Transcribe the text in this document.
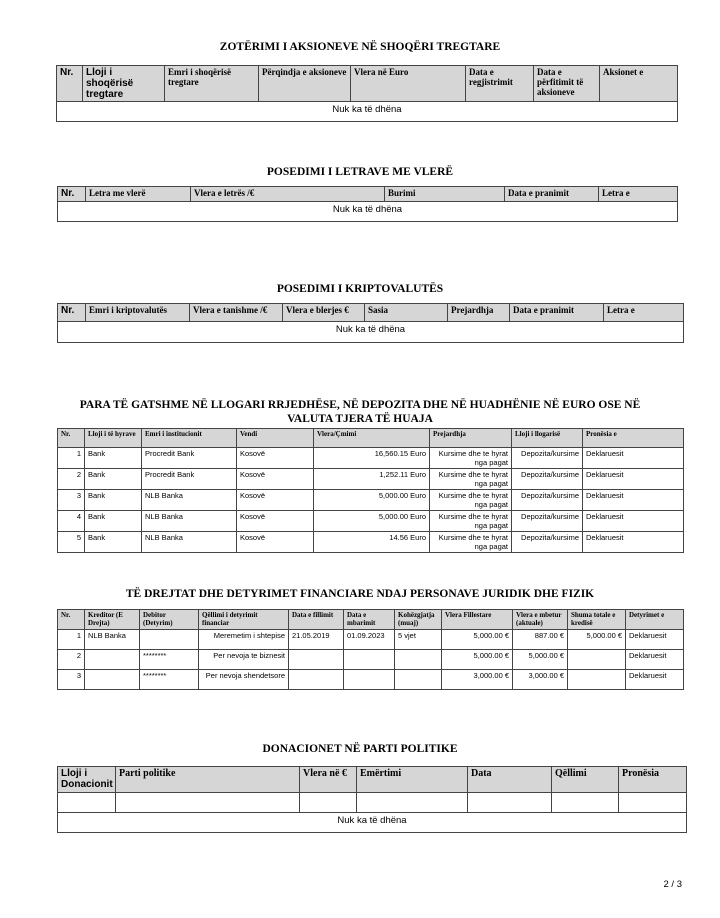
ZOTËRIMI I AKSIONEVE NË SHOQËRI TREGTARE
Nr.	Lloji i shoqërisë tregtare	Emri i shoqërisë tregtare	Përqindja e aksioneve	Vlera në Euro	Data e regjistrimit	Data e përfitimit të aksioneve	Aksionet e
Nuk ka të dhëna
POSEDIMI I LETRAVE ME VLERË
Nr.	Letra me vlerë	Vlera e letrës /€	Burimi	Data e pranimit	Letra e
Nuk ka të dhëna
POSEDIMI I KRIPTOVALUTËS
Nr.	Emri i kriptovalutës	Vlera e tanishme /€	Vlera e blerjes €	Sasia	Prejardhja	Data e pranimit	Letra e
Nuk ka të dhëna
PARA TË GATSHME NË LLOGARI RRJEDHËSE, NË DEPOZITA DHE NË HUADHËNIE NË EURO OSE NË
VALUTA TJERA TË HUAJA
Nr.	Lloji i të hyrave	Emri i institucionit	Vendi	Vlera/Çmimi	Prejardhja	Lloji i llogarisë	Pronësia e
1	Bank	Procredit Bank	Kosovë	16,560.15 Euro	Kursime dhe te hyrat nga pagat	Depozita/kursime	Deklaruesit
2	Bank	Procredit Bank	Kosovë	1,252.11 Euro	Kursime dhe te hyrat nga pagat	Depozita/kursime	Deklaruesit
3	Bank	NLB Banka	Kosovë	5,000.00 Euro	Kursime dhe te hyrat nga pagat	Depozita/kursime	Deklaruesit
4	Bank	NLB Banka	Kosovë	5,000.00 Euro	Kursime dhe te hyrat nga pagat	Depozita/kursime	Deklaruesit
5	Bank	NLB Banka	Kosovë	14.56 Euro	Kursime dhe te hyrat nga pagat	Depozita/kursime	Deklaruesit
TË DREJTAT DHE DETYRIMET FINANCIARE NDAJ PERSONAVE JURIDIK DHE FIZIK
Nr.	Kreditor (E Drejta)	Debitor (Detyrim)	Qëllimi i detyrimit financiar	Data e fillimit	Data e mbarimit	Kohëzgjatja (muaj)	Vlera Fillestare	Vlera e mbetur (aktuale)	Shuma totale e kredisë	Detyrimet e
1	NLB Banka		Meremetim i shtepise	21.05.2019	01.09.2023	5 vjet	5,000.00 €	887.00 €	5,000.00 €	Deklaruesit
2		********	Per nevoja te biznesit				5,000.00 €	5,000.00 €		Deklaruesit
3		********	Per nevoja shendetsore				3,000.00 €	3,000.00 €		Deklaruesit
DONACIONET NË PARTI POLITIKE
Lloji i Donacionit	Parti politike	Vlera në €	Emërtimi	Data	Qëllimi	Pronësia

Nuk ka të dhëna						
2 / 3
